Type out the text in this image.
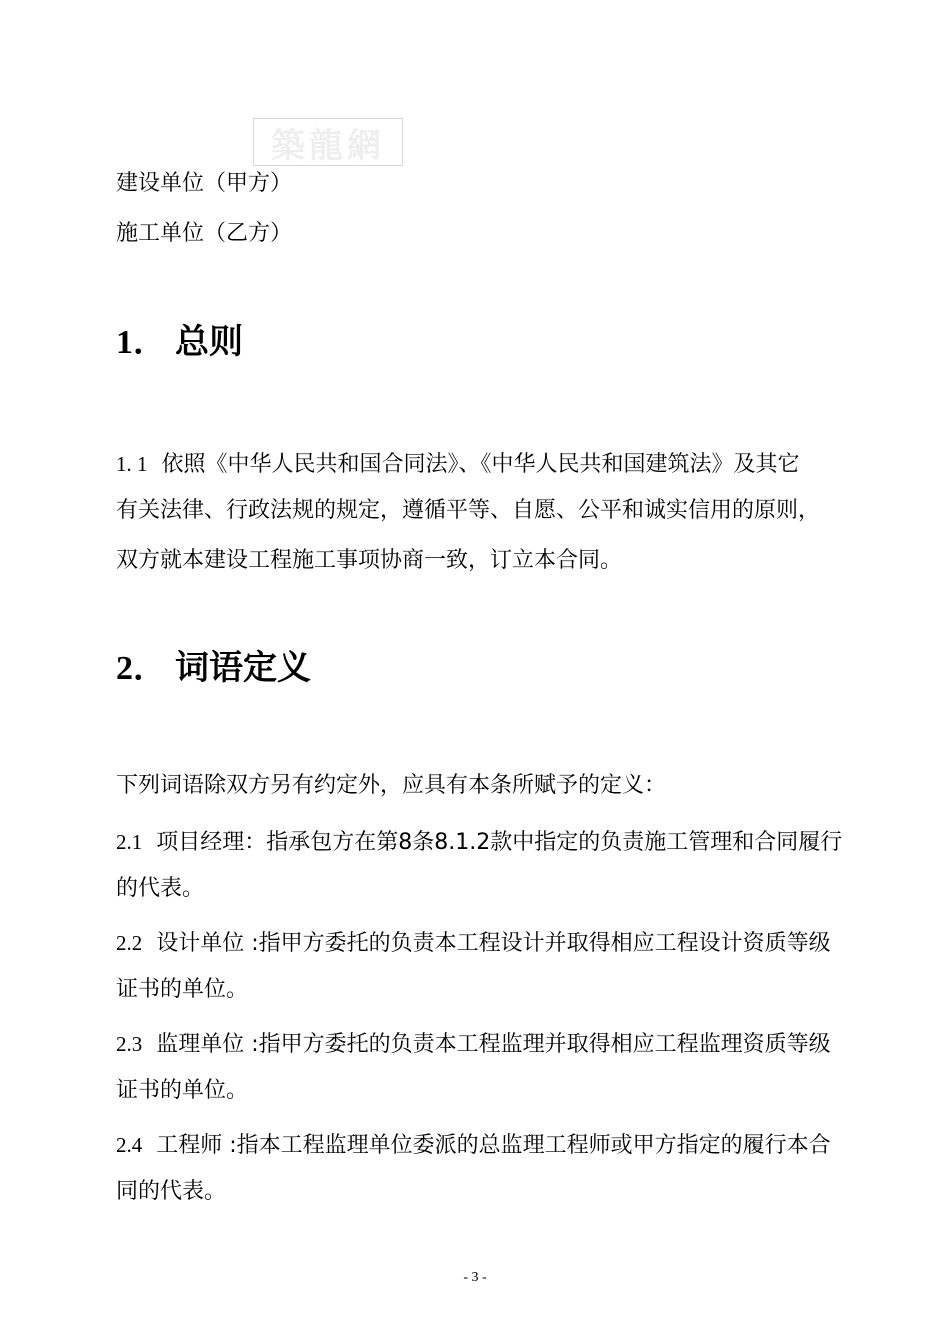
築龍網
建设单位（甲方）
施工单位（乙方）
1． 总则
1. 1 依照《中华人民共和国合同法》、《中华人民共和国建筑法》及其它
有关法律、行政法规的规定，遵循平等、自愿、公平和诚实信用的原则，
双方就本建设工程施工事项协商一致，订立本合同。
2． 词语定义
下列词语除双方另有约定外，应具有本条所赋予的定义：
2.1 项目经理：指承包方在第8条8.1.2款中指定的负责施工管理和合同履行
的代表。
2.2 设计单位 :指甲方委托的负责本工程设计并取得相应工程设计资质等级
证书的单位。
2.3 监理单位 :指甲方委托的负责本工程监理并取得相应工程监理资质等级
证书的单位。
2.4 工程师 :指本工程监理单位委派的总监理工程师或甲方指定的履行本合
同的代表。
- 3 -
